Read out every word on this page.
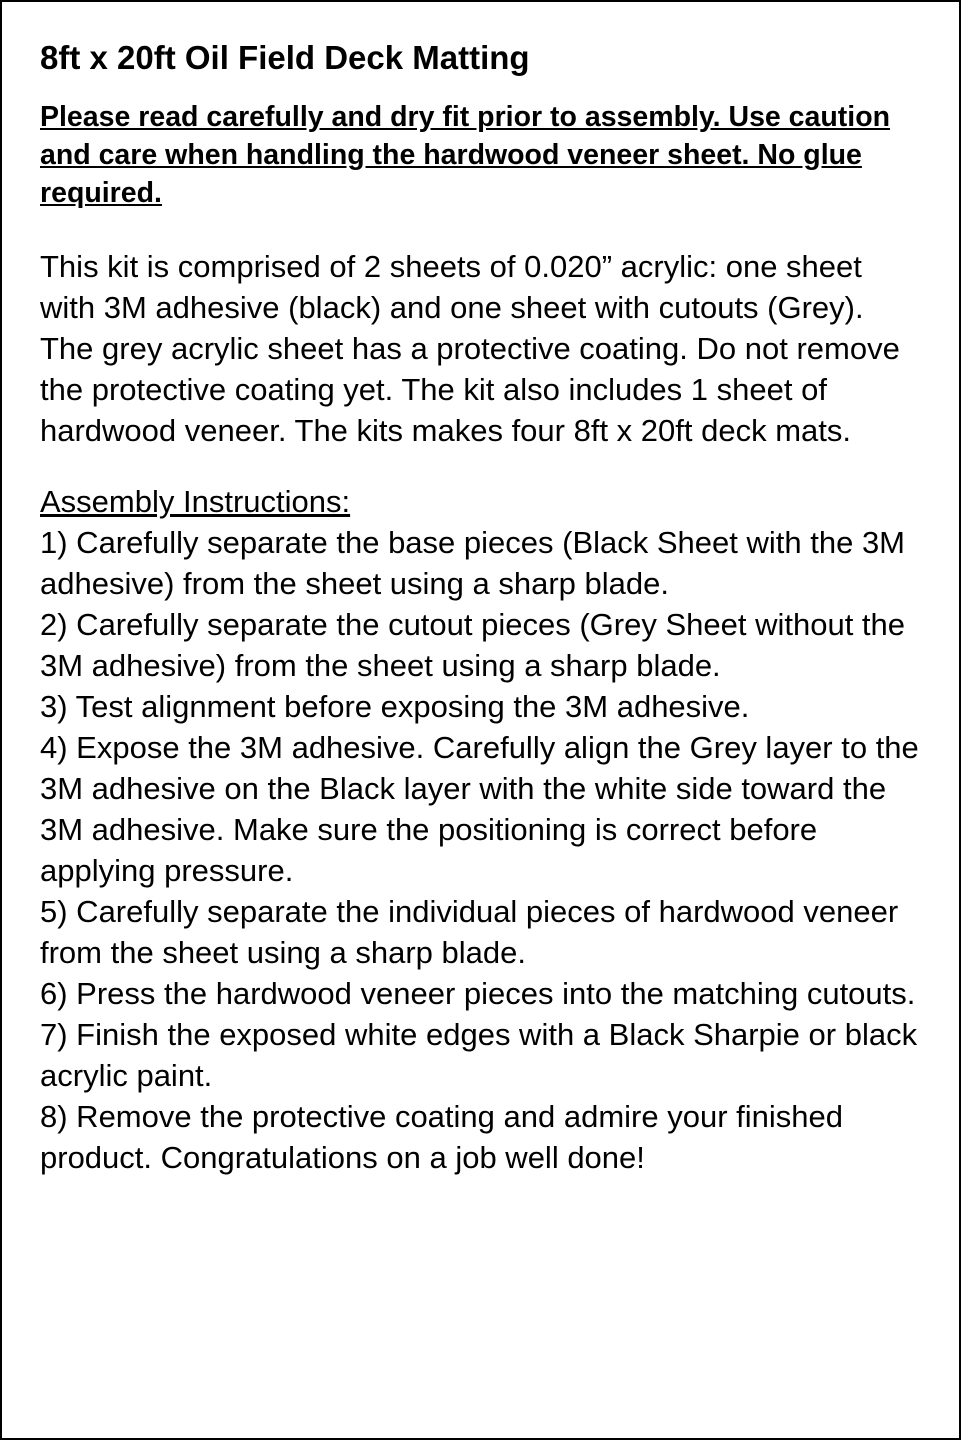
8ft x 20ft Oil Field Deck Matting

Please read carefully and dry fit prior to assembly. Use caution and care when handling the hardwood veneer sheet. No glue required.

This kit is comprised of 2 sheets of 0.020” acrylic: one sheet with 3M adhesive (black) and one sheet with cutouts (Grey). The grey acrylic sheet has a protective coating. Do not remove the protective coating yet. The kit also includes 1 sheet of hardwood veneer. The kits makes four 8ft x 20ft deck mats.

Assembly Instructions:

1) Carefully separate the base pieces (Black Sheet with the 3M adhesive) from the sheet using a sharp blade.
2) Carefully separate the cutout pieces (Grey Sheet without the 3M adhesive) from the sheet using a sharp blade.
3) Test alignment before exposing the 3M adhesive.
4) Expose the 3M adhesive. Carefully align the Grey layer to the 3M adhesive on the Black layer with the white side toward the 3M adhesive. Make sure the positioning is correct before applying pressure.
5) Carefully separate the individual pieces of hardwood veneer from the sheet using a sharp blade.
6) Press the hardwood veneer pieces into the matching cutouts.
7) Finish the exposed white edges with a Black Sharpie or black acrylic paint.
8) Remove the protective coating and admire your finished product. Congratulations on a job well done!
